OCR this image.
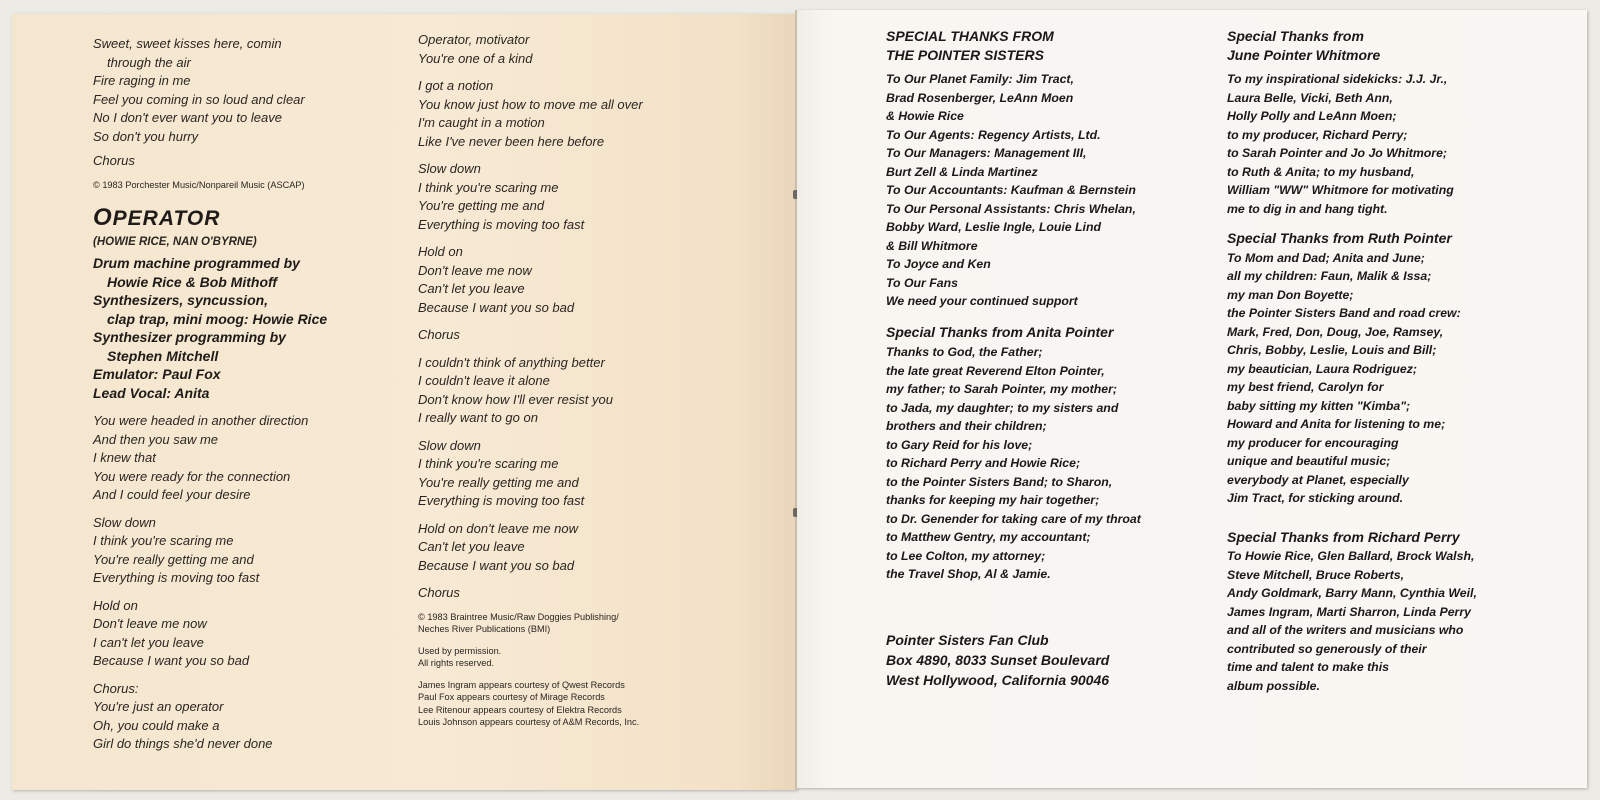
Sweet, sweet kisses here, comin

through the air

Fire raging in me

Feel you coming in so loud and clear

No I don't ever want you to leave

So don't you hurry

Chorus

© 1983 Porchester Music/Nonpareil Music (ASCAP)

OPERATOR

(HOWIE RICE, NAN O'BYRNE)

Drum machine programmed by

Howie Rice & Bob Mithoff

Synthesizers, syncussion,

clap trap, mini moog: Howie Rice

Synthesizer programming by

Stephen Mitchell

Emulator: Paul Fox

Lead Vocal: Anita

You were headed in another direction

And then you saw me

I knew that

You were ready for the connection

And I could feel your desire

Slow down

I think you're scaring me

You're really getting me and

Everything is moving too fast

Hold on

Don't leave me now

I can't let you leave

Because I want you so bad

Chorus:

You're just an operator

Oh, you could make a

Girl do things she'd never done

Operator, motivator

You're one of a kind

I got a notion

You know just how to move me all over

I'm caught in a motion

Like I've never been here before

Slow down

I think you're scaring me

You're getting me and

Everything is moving too fast

Hold on

Don't leave me now

Can't let you leave

Because I want you so bad

Chorus

I couldn't think of anything better

I couldn't leave it alone

Don't know how I'll ever resist you

I really want to go on

Slow down

I think you're scaring me

You're really getting me and

Everything is moving too fast

Hold on don't leave me now

Can't let you leave

Because I want you so bad

Chorus

© 1983 Braintree Music/Raw Doggies Publishing/

Neches River Publications (BMI)

Used by permission.

All rights reserved.

James Ingram appears courtesy of Qwest Records

Paul Fox appears courtesy of Mirage Records

Lee Ritenour appears courtesy of Elektra Records

Louis Johnson appears courtesy of A&M Records, Inc.

SPECIAL THANKS FROM

THE POINTER SISTERS

To Our Planet Family: Jim Tract,

Brad Rosenberger, LeAnn Moen

& Howie Rice

To Our Agents: Regency Artists, Ltd.

To Our Managers: Management III,

Burt Zell & Linda Martinez

To Our Accountants: Kaufman & Bernstein

To Our Personal Assistants: Chris Whelan,

Bobby Ward, Leslie Ingle, Louie Lind

& Bill Whitmore

To Joyce and Ken

To Our Fans

We need your continued support

Special Thanks from Anita Pointer

Thanks to God, the Father;

the late great Reverend Elton Pointer,

my father; to Sarah Pointer, my mother;

to Jada, my daughter; to my sisters and

brothers and their children;

to Gary Reid for his love;

to Richard Perry and Howie Rice;

to the Pointer Sisters Band; to Sharon,

thanks for keeping my hair together;

to Dr. Genender for taking care of my throat

to Matthew Gentry, my accountant;

to Lee Colton, my attorney;

the Travel Shop, Al & Jamie.

Pointer Sisters Fan Club

Box 4890, 8033 Sunset Boulevard

West Hollywood, California 90046

Special Thanks from

June Pointer Whitmore

To my inspirational sidekicks: J.J. Jr.,

Laura Belle, Vicki, Beth Ann,

Holly Polly and LeAnn Moen;

to my producer, Richard Perry;

to Sarah Pointer and Jo Jo Whitmore;

to Ruth & Anita; to my husband,

William "WW" Whitmore for motivating

me to dig in and hang tight.

Special Thanks from Ruth Pointer

To Mom and Dad; Anita and June;

all my children: Faun, Malik & Issa;

my man Don Boyette;

the Pointer Sisters Band and road crew:

Mark, Fred, Don, Doug, Joe, Ramsey,

Chris, Bobby, Leslie, Louis and Bill;

my beautician, Laura Rodriguez;

my best friend, Carolyn for

baby sitting my kitten "Kimba";

Howard and Anita for listening to me;

my producer for encouraging

unique and beautiful music;

everybody at Planet, especially

Jim Tract, for sticking around.

Special Thanks from Richard Perry

To Howie Rice, Glen Ballard, Brock Walsh,

Steve Mitchell, Bruce Roberts,

Andy Goldmark, Barry Mann, Cynthia Weil,

James Ingram, Marti Sharron, Linda Perry

and all of the writers and musicians who

contributed so generously of their

time and talent to make this

album possible.
